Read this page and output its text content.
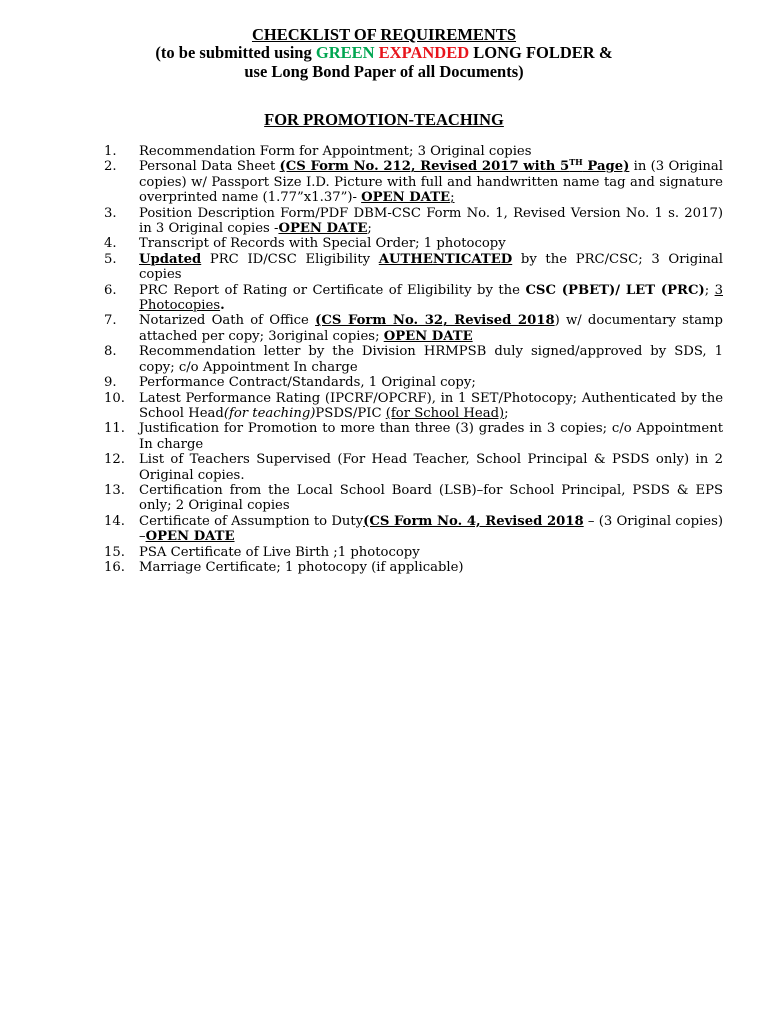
CHECKLIST OF REQUIREMENTS
(to be submitted using GREEN EXPANDED LONG FOLDER &
use Long Bond Paper of all Documents)
FOR PROMOTION-TEACHING
1.	Recommendation Form for Appointment; 3 Original copies
2.	Personal Data Sheet (CS Form No. 212, Revised 2017 with 5TH Page) in (3 Original copies) w/ Passport Size I.D. Picture with full and handwritten name tag and signature overprinted name (1.77”x1.37”)- OPEN DATE;
3.	Position Description Form/PDF DBM-CSC Form No. 1, Revised Version No. 1 s. 2017) in 3 Original copies -OPEN DATE;
4.	Transcript of Records with Special Order; 1 photocopy
5.	Updated PRC ID/CSC Eligibility AUTHENTICATED by the PRC/CSC; 3 Original copies
6.	PRC Report of Rating or Certificate of Eligibility by the CSC (PBET)/ LET (PRC); 3 Photocopies.
7.	Notarized Oath of Office (CS Form No. 32, Revised 2018) w/ documentary stamp attached per copy; 3original copies; OPEN DATE
8.	Recommendation letter by the Division HRMPSB duly signed/approved by SDS, 1 copy; c/o Appointment In charge
9.	Performance Contract/Standards, 1 Original copy;
10.	Latest Performance Rating (IPCRF/OPCRF), in 1 SET/Photocopy; Authenticated by the School Head(for teaching)PSDS/PIC (for School Head);
11.	Justification for Promotion to more than three (3) grades in 3 copies; c/o Appointment In charge
12.	List of Teachers Supervised (For Head Teacher, School Principal & PSDS only) in 2 Original copies.
13.	Certification from the Local School Board (LSB)–for School Principal, PSDS & EPS only; 2 Original copies
14.	Certificate of Assumption to Duty(CS Form No. 4, Revised 2018 – (3 Original copies) –OPEN DATE
15.	PSA Certificate of Live Birth ;1 photocopy
16.	Marriage Certificate; 1 photocopy (if applicable)
